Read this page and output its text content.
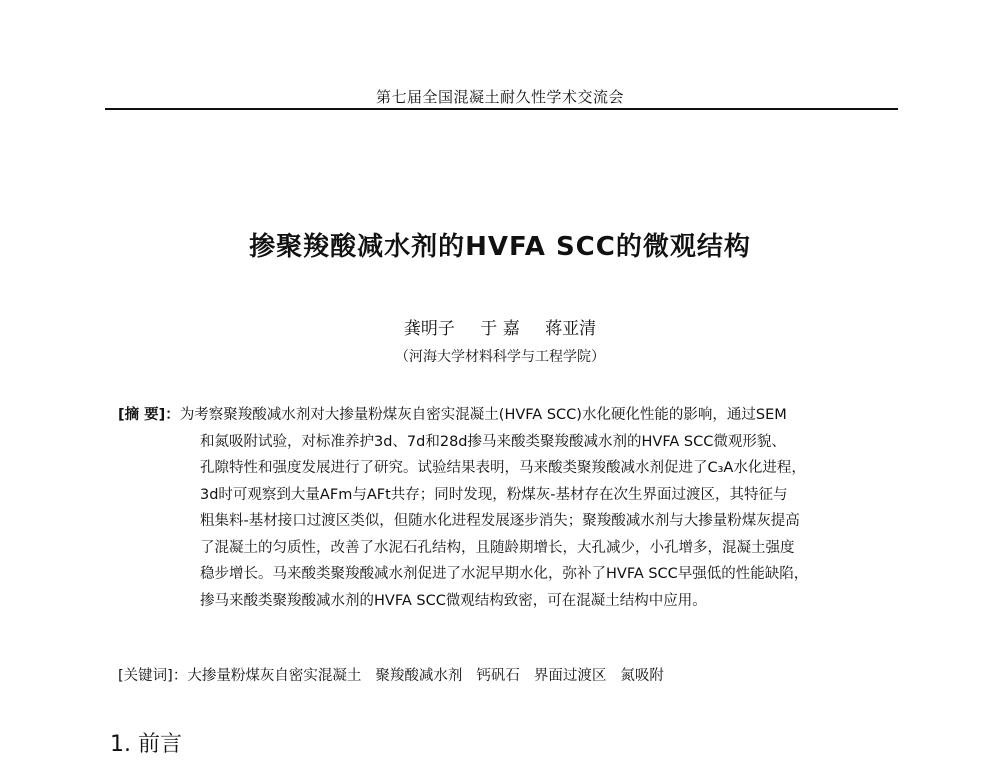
第七届全国混凝土耐久性学术交流会
掺聚羧酸减水剂的HVFA SCC的微观结构
龚明子 于 嘉 蒋亚清
（河海大学材料科学与工程学院）
[摘 要]：为考察聚羧酸减水剂对大掺量粉煤灰自密实混凝土(HVFA SCC)水化硬化性能的影响，通过SEM
和氮吸附试验，对标准养护3d、7d和28d掺马来酸类聚羧酸减水剂的HVFA SCC微观形貌、
孔隙特性和强度发展进行了研究。试验结果表明，马来酸类聚羧酸减水剂促进了C₃A水化进程，
3d时可观察到大量AFm与AFt共存；同时发现，粉煤灰-基材存在次生界面过渡区，其特征与
粗集料-基材接口过渡区类似，但随水化进程发展逐步消失；聚羧酸减水剂与大掺量粉煤灰提高
了混凝土的匀质性，改善了水泥石孔结构，且随龄期增长，大孔减少，小孔增多，混凝土强度
稳步增长。马来酸类聚羧酸减水剂促进了水泥早期水化，弥补了HVFA SCC早强低的性能缺陷，
掺马来酸类聚羧酸减水剂的HVFA SCC微观结构致密，可在混凝土结构中应用。
[关键词]：大掺量粉煤灰自密实混凝土 聚羧酸减水剂 钙矾石 界面过渡区 氮吸附
1. 前言
